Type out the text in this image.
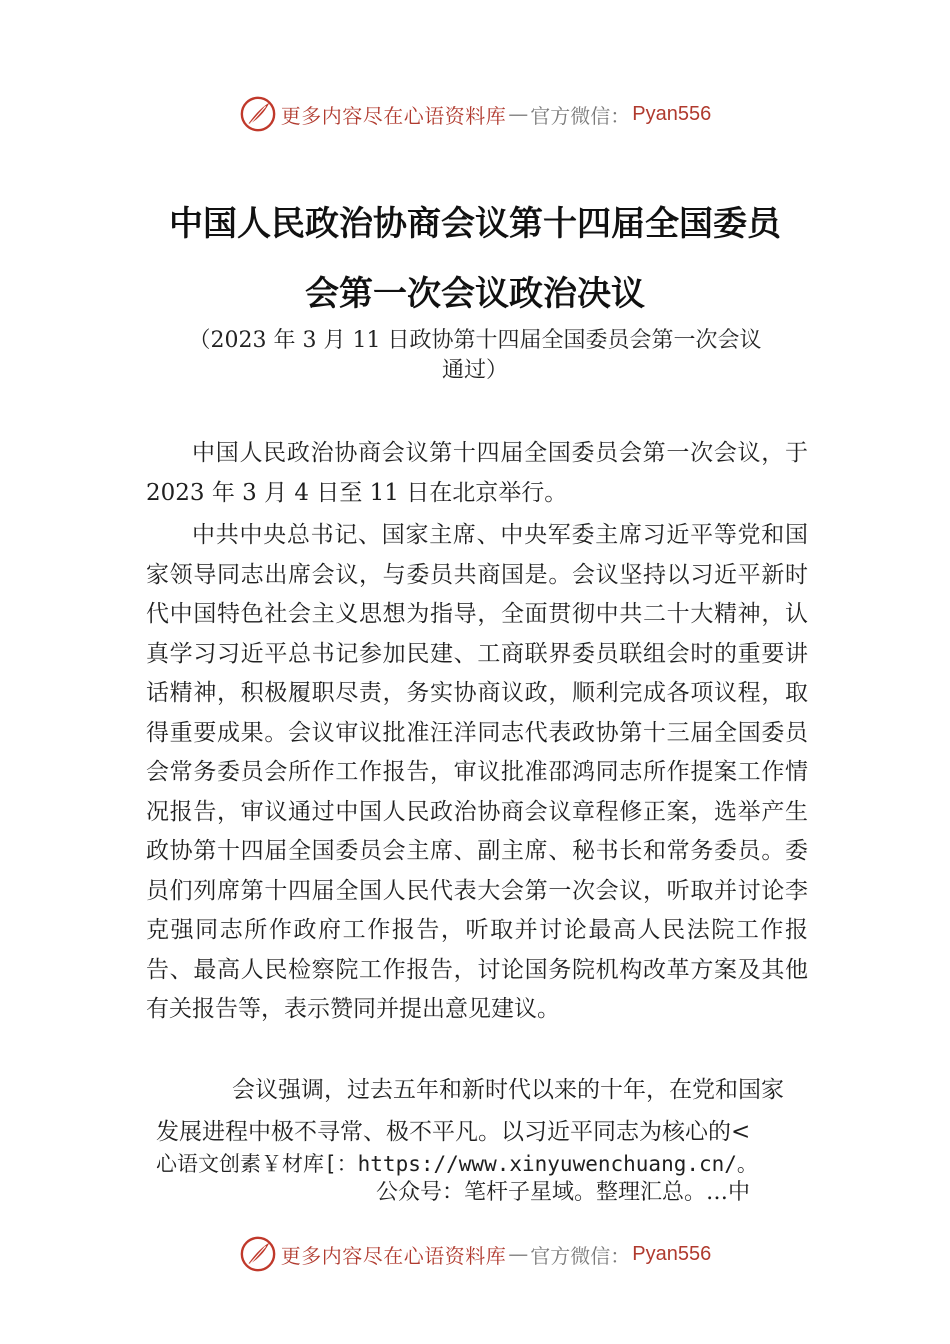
更多内容尽在心语资料库 — 官方微信： Pyan556
中国人民政治协商会议第十四届全国委员
会第一次会议政治决议
（2023 年 3 月 11 日政协第十四届全国委员会第一次会议
通过）

中国人民政治协商会议第十四届全国委员会第一次会议，于 2023 年 3 月 4 日至 11 日在北京举行。

中共中央总书记、国家主席、中央军委主席习近平等党和国家领导同志出席会议，与委员共商国是。会议坚持以习近平新时代中国特色社会主义思想为指导，全面贯彻中共二十大精神，认真学习习近平总书记参加民建、工商联界委员联组会时的重要讲话精神，积极履职尽责，务实协商议政，顺利完成各项议程，取得重要成果。会议审议批准汪洋同志代表政协第十三届全国委员会常务委员会所作工作报告，审议批准邵鸿同志所作提案工作情况报告，审议通过中国人民政治协商会议章程修正案，选举产生政协第十四届全国委员会主席、副主席、秘书长和常务委员。委员们列席第十四届全国人民代表大会第一次会议，听取并讨论李克强同志所作政府工作报告，听取并讨论最高人民法院工作报告、最高人民检察院工作报告，讨论国务院机构改革方案及其他有关报告等，表示赞同并提出意见建议。

会议强调，过去五年和新时代以来的十年，在党和国家
发展进程中极不寻常、极不平凡。以习近平同志为核心的<
心语文创素￥材库[：https://www.xinyuwenchuang.cn/。
公众号：笔杆子星域。整理汇总。…中
更多内容尽在心语资料库 — 官方微信： Pyan556
